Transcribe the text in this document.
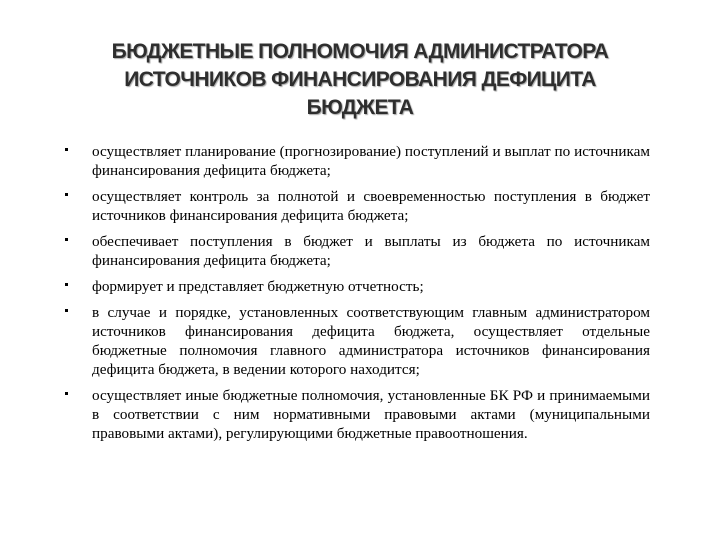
БЮДЖЕТНЫЕ ПОЛНОМОЧИЯ АДМИНИСТРАТОРА
ИСТОЧНИКОВ ФИНАНСИРОВАНИЯ ДЕФИЦИТА
БЮДЖЕТА
осуществляет планирование (прогнозирование) поступлений и выплат по источникам финансирования дефицита бюджета;
осуществляет контроль за полнотой и своевременностью поступления в бюджет источников финансирования дефицита бюджета;
обеспечивает поступления в бюджет и выплаты из бюджета по источникам финансирования дефицита бюджета;
формирует и представляет бюджетную отчетность;
в случае и порядке, установленных соответствующим главным администратором источников финансирования дефицита бюджета, осуществляет отдельные бюджетные полномочия главного администратора источников финансирования дефицита бюджета, в ведении которого находится;
осуществляет иные бюджетные полномочия, установленные БК РФ и принимаемыми в соответствии с ним нормативными правовыми актами (муниципальными правовыми актами), регулирующими бюджетные правоотношения.
